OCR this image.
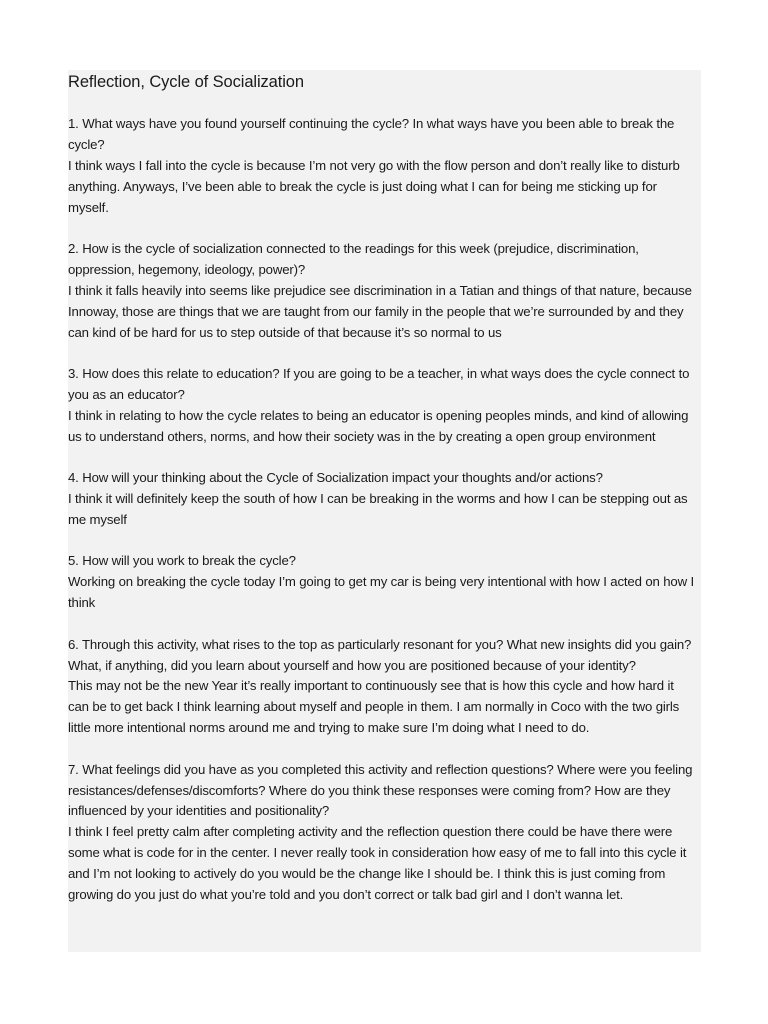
Reflection, Cycle of Socialization

1. What ways have you found yourself continuing the cycle? In what ways have you been able to break the cycle?

I think ways I fall into the cycle is because I’m not very go with the flow person and don’t really like to disturb anything. Anyways, I’ve been able to break the cycle is just doing what I can for being me sticking up for myself.

2. How is the cycle of socialization connected to the readings for this week (prejudice, discrimination, oppression, hegemony, ideology, power)?

I think it falls heavily into seems like prejudice see discrimination in a Tatian and things of that nature, because Innoway, those are things that we are taught from our family in the people that we’re surrounded by and they can kind of be hard for us to step outside of that because it’s so normal to us

3. How does this relate to education? If you are going to be a teacher, in what ways does the cycle connect to you as an educator?

I think in relating to how the cycle relates to being an educator is opening peoples minds, and kind of allowing us to understand others, norms, and how their society was in the by creating a open group environment

4. How will your thinking about the Cycle of Socialization impact your thoughts and/or actions?

I think it will definitely keep the south of how I can be breaking in the worms and how I can be stepping out as me myself

5. How will you work to break the cycle?

Working on breaking the cycle today I’m going to get my car is being very intentional with how I acted on how I think

6. Through this activity, what rises to the top as particularly resonant for you? What new insights did you gain? What, if anything, did you learn about yourself and how you are positioned because of your identity?

This may not be the new Year it’s really important to continuously see that is how this cycle and how hard it can be to get back I think learning about myself and people in them. I am normally in Coco with the two girls little more intentional norms around me and trying to make sure I’m doing what I need to do.

7. What feelings did you have as you completed this activity and reflection questions? Where were you feeling resistances/defenses/discomforts? Where do you think these responses were coming from? How are they influenced by your identities and positionality?

I think I feel pretty calm after completing activity and the reflection question there could be have there were some what is code for in the center. I never really took in consideration how easy of me to fall into this cycle it and I’m not looking to actively do you would be the change like I should be. I think this is just coming from growing do you just do what you’re told and you don’t correct or talk bad girl and I don’t wanna let.
